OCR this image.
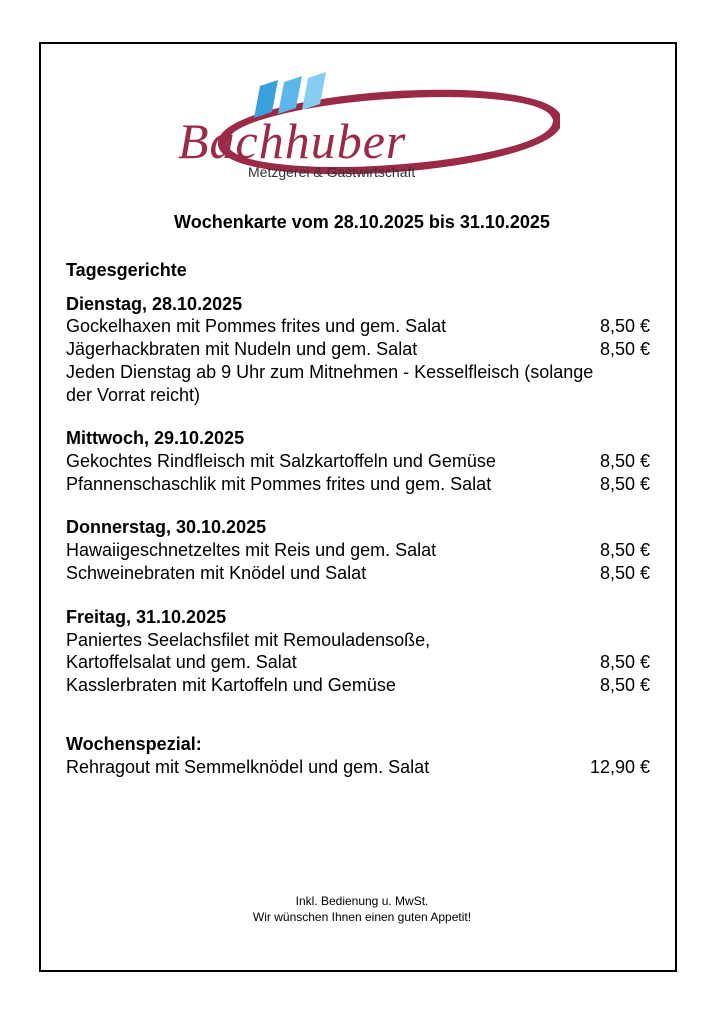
Bachhuber
Metzgerei & Gastwirtschaft
Wochenkarte vom 28.10.2025 bis 31.10.2025
Tagesgerichte
Dienstag, 28.10.2025
Gockelhaxen mit Pommes frites und gem. Salat	8,50 €
Jägerhackbraten mit Nudeln und gem. Salat	8,50 €
Jeden Dienstag ab 9 Uhr zum Mitnehmen - Kesselfleisch (solange
der Vorrat reicht)
Mittwoch, 29.10.2025
Gekochtes Rindfleisch mit Salzkartoffeln und Gemüse	8,50 €
Pfannenschaschlik mit Pommes frites und gem. Salat	8,50 €
Donnerstag, 30.10.2025
Hawaiigeschnetzeltes mit Reis und gem. Salat	8,50 €
Schweinebraten mit Knödel und Salat	8,50 €
Freitag, 31.10.2025
Paniertes Seelachsfilet mit Remouladensoße,
Kartoffelsalat und gem. Salat	8,50 €
Kasslerbraten mit Kartoffeln und Gemüse	8,50 €
Wochenspezial:
Rehragout mit Semmelknödel und gem. Salat	12,90 €
Inkl. Bedienung u. MwSt.
Wir wünschen Ihnen einen guten Appetit!
